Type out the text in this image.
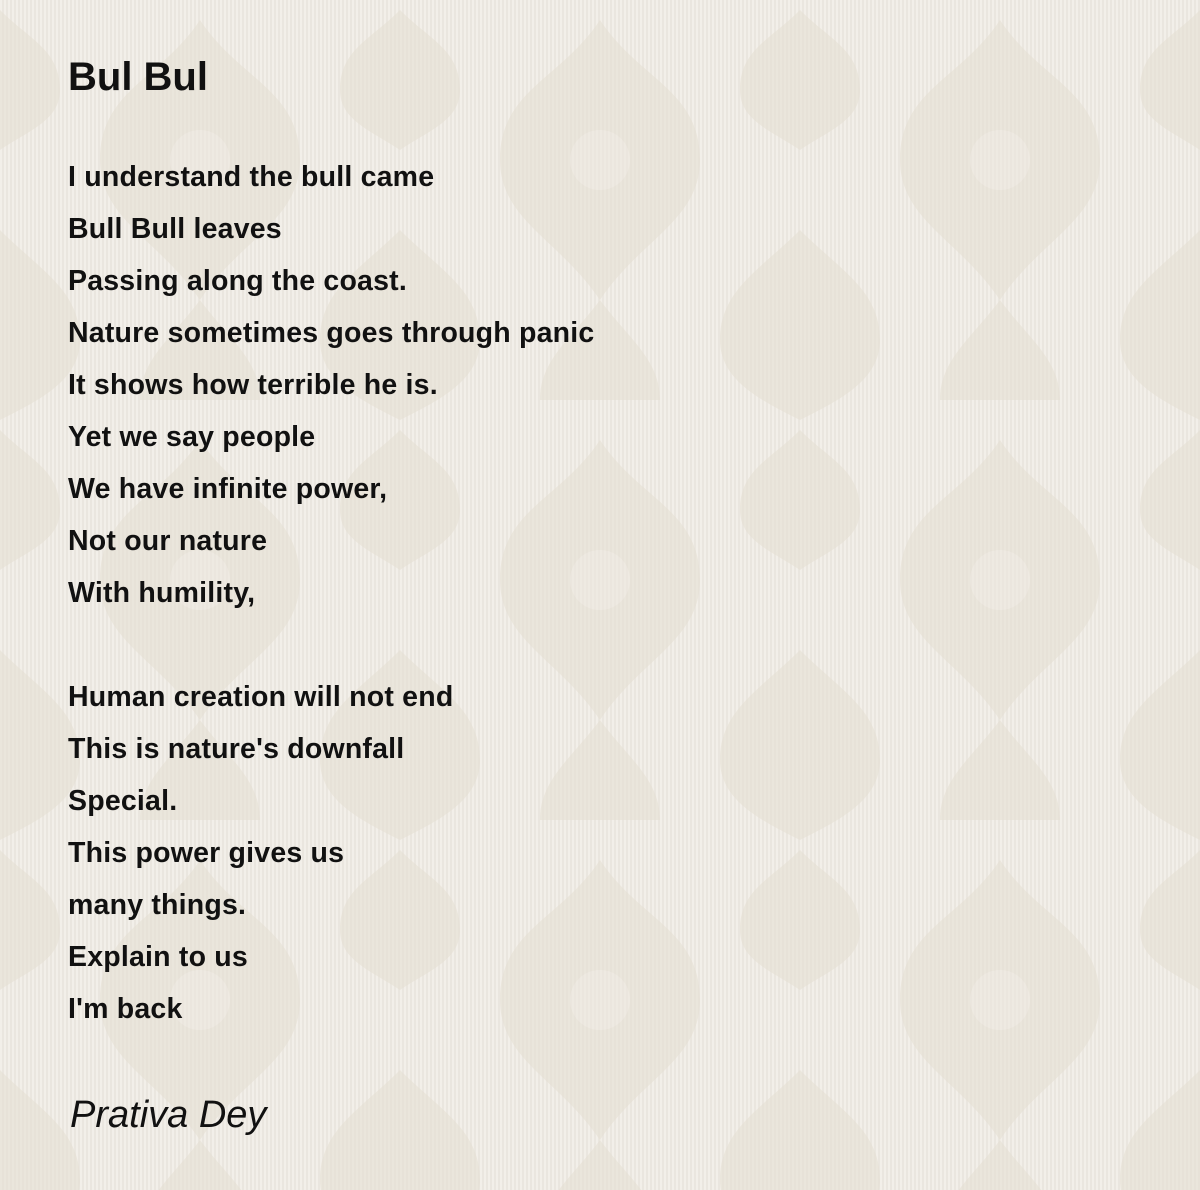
Bul Bul
I understand the bull came
Bull Bull leaves
Passing along the coast.
Nature sometimes goes through panic
It shows how terrible he is.
Yet we say people
We have infinite power,
Not our nature
With humility,
Human creation will not end
This is nature's downfall
Special.
This power gives us
many things.
Explain to us
I'm back
Prativa Dey
